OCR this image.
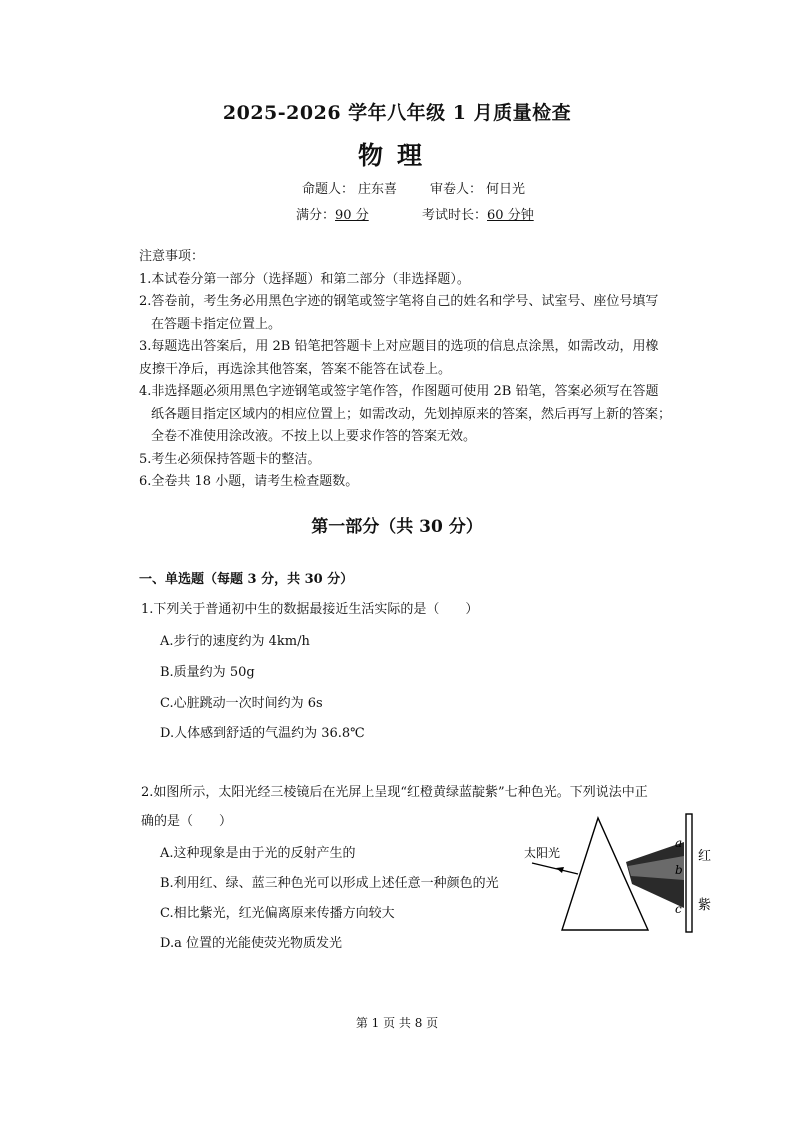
2025-2026 学年八年级 1 月质量检查
物理
命题人： 庄东喜	审卷人： 何日光
满分：90 分	考试时长：60 分钟

注意事项：

1.本试卷分第一部分（选择题）和第二部分（非选择题）。

2.答卷前，考生务必用黑色字迹的钢笔或签字笔将自己的姓名和学号、试室号、座位号填写

在答题卡指定位置上。

3.每题选出答案后，用 2B 铅笔把答题卡上对应题目的选项的信息点涂黑，如需改动，用橡

皮擦干净后，再选涂其他答案，答案不能答在试卷上。

4.非选择题必须用黑色字迹钢笔或签字笔作答，作图题可使用 2B 铅笔，答案必须写在答题

纸各题目指定区域内的相应位置上；如需改动，先划掉原来的答案，然后再写上新的答案；

全卷不准使用涂改液。不按上以上要求作答的答案无效。

5.考生必须保持答题卡的整洁。

6.全卷共 18 小题，请考生检查题数。

第一部分（共 30 分）
一、单选题（每题 3 分，共 30 分）
1.下列关于普通初中生的数据最接近生活实际的是（　　）
A.步行的速度约为 4km/h
B.质量约为 50g
C.心脏跳动一次时间约为 6s
D.人体感到舒适的气温约为 36.8℃
2.如图所示，太阳光经三棱镜后在光屏上呈现“红橙黄绿蓝靛紫”七种色光。下列说法中正
确的是（　　）
A.这种现象是由于光的反射产生的
B.利用红、绿、蓝三种色光可以形成上述任意一种颜色的光
C.相比紫光，红光偏离原来传播方向较大
D.a 位置的光能使荧光物质发光
太阳光
a
b
c
红
紫
第 1 页 共 8 页
